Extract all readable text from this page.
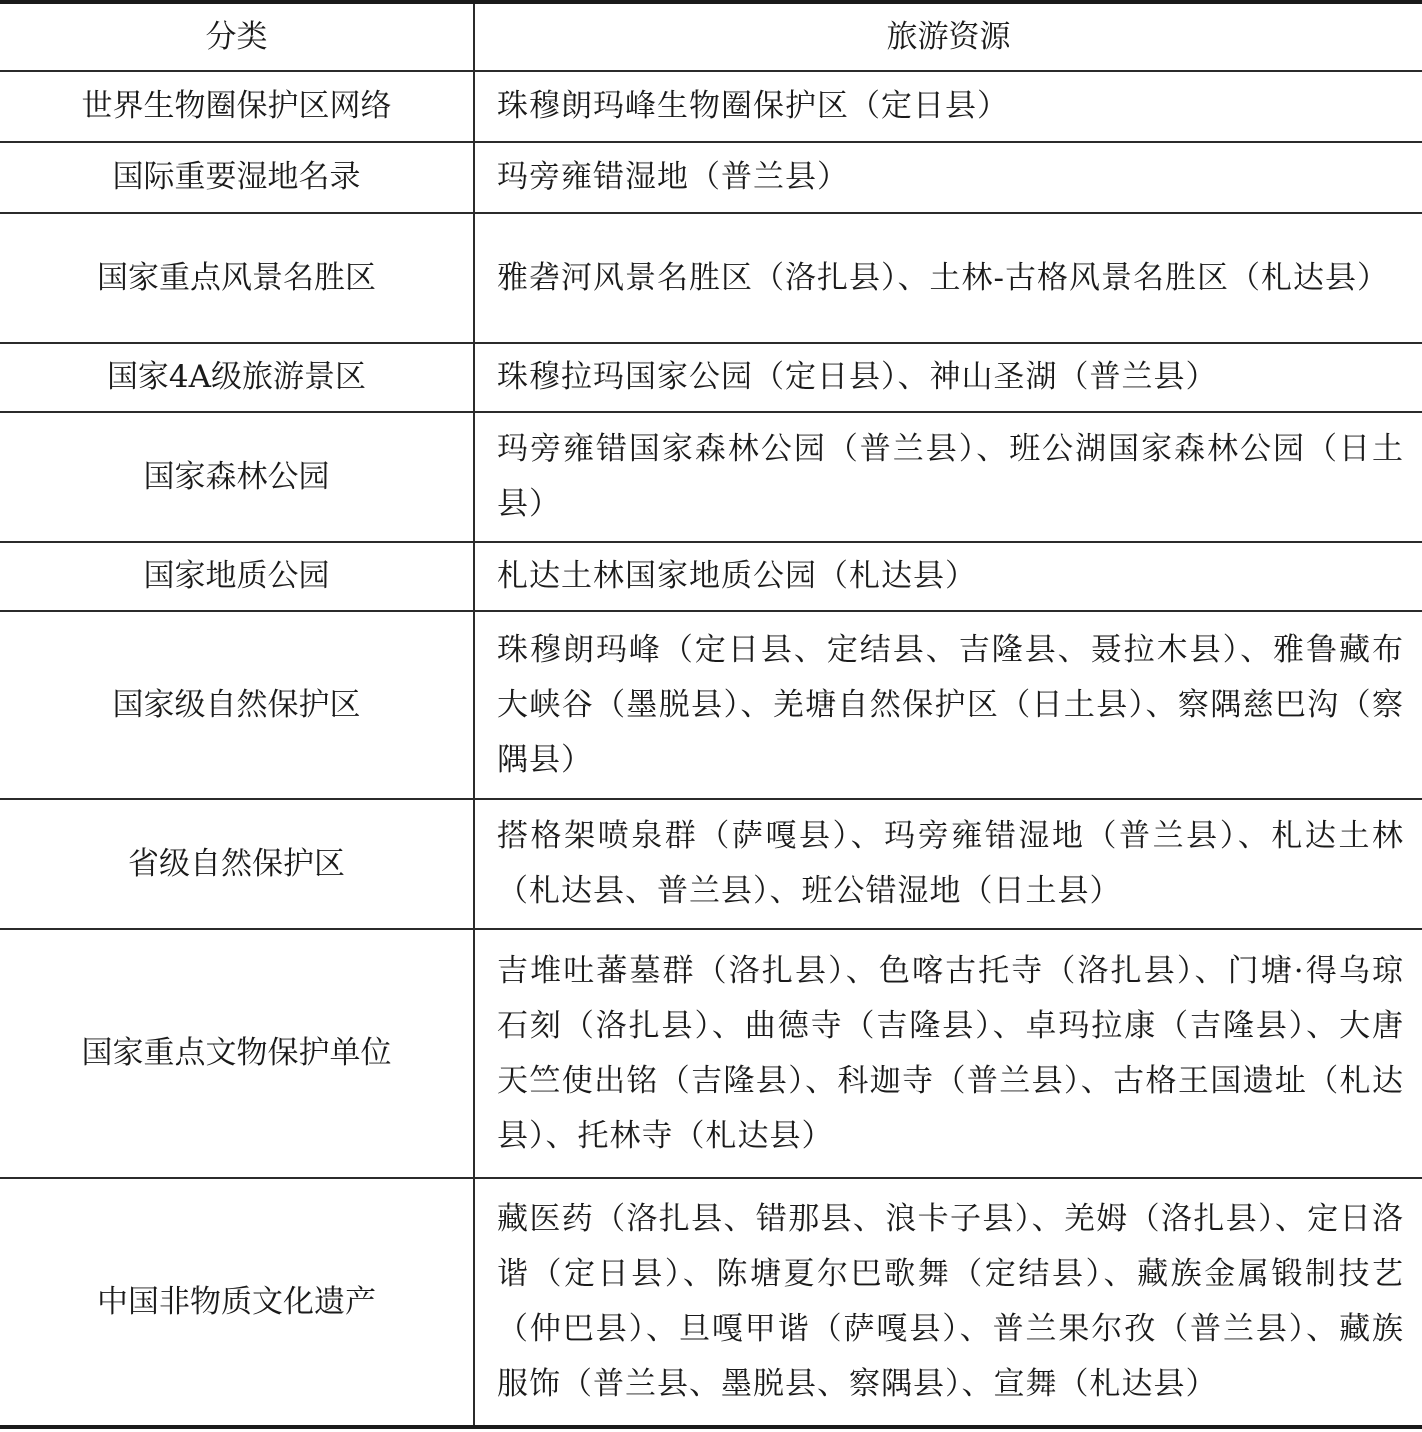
分类	旅游资源
世界生物圈保护区网络	珠穆朗玛峰生物圈保护区（定日县）
国际重要湿地名录	玛旁雍错湿地（普兰县）
国家重点风景名胜区	雅砻河风景名胜区（洛扎县）、土林-古格风景名胜区（札达县）
国家4A级旅游景区	珠穆拉玛国家公园（定日县）、神山圣湖（普兰县）
国家森林公园	玛旁雍错国家森林公园（普兰县）、班公湖国家森林公园（日土县）
国家地质公园	札达土林国家地质公园（札达县）
国家级自然保护区	珠穆朗玛峰（定日县、定结县、吉隆县、聂拉木县）、雅鲁藏布大峡谷（墨脱县）、羌塘自然保护区（日土县）、察隅慈巴沟（察隅县）
省级自然保护区	搭格架喷泉群（萨嘎县）、玛旁雍错湿地（普兰县）、札达土林（札达县、普兰县）、班公错湿地（日土县）
国家重点文物保护单位	吉堆吐蕃墓群（洛扎县）、色喀古托寺（洛扎县）、门塘·得乌琼石刻（洛扎县）、曲德寺（吉隆县）、卓玛拉康（吉隆县）、大唐天竺使出铭（吉隆县）、科迦寺（普兰县）、古格王国遗址（札达县）、托林寺（札达县）
中国非物质文化遗产	藏医药（洛扎县、错那县、浪卡子县）、羌姆（洛扎县）、定日洛谐（定日县）、陈塘夏尔巴歌舞（定结县）、藏族金属锻制技艺（仲巴县）、旦嘎甲谐（萨嘎县）、普兰果尔孜（普兰县）、藏族服饰（普兰县、墨脱县、察隅县）、宣舞（札达县）
